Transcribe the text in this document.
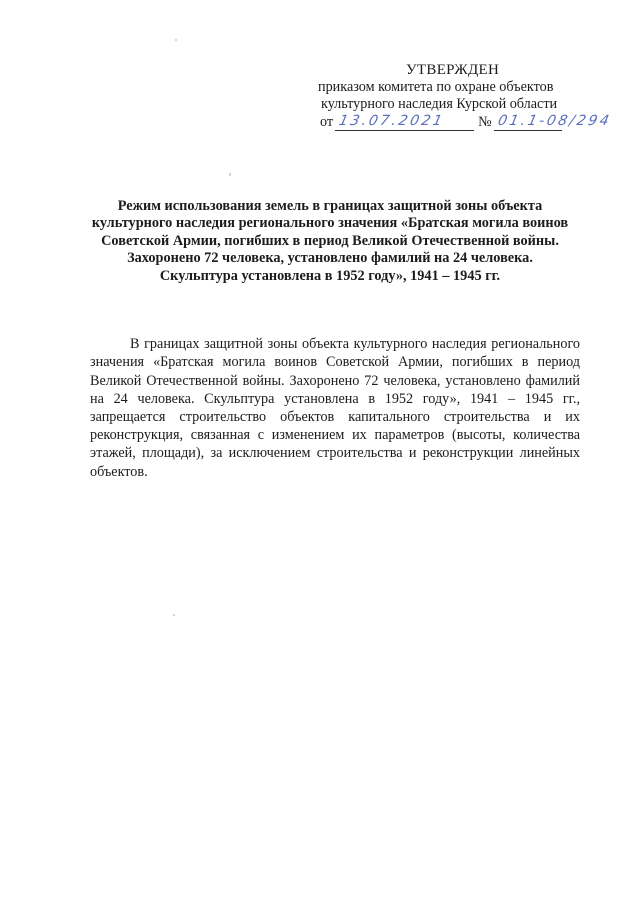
УТВЕРЖДЕН
приказом комитета по охране объектов
культурного наследия Курской области
от 13.07.2021 № 01.1-08/294
Режим использования земель в границах защитной зоны объекта
культурного наследия регионального значения «Братская могила воинов
Советской Армии, погибших в период Великой Отечественной войны.
Захоронено 72 человека, установлено фамилий на 24 человека.
Скульптура установлена в 1952 году», 1941 – 1945 гг.

В границах защитной зоны объекта культурного наследия регионального значения «Братская могила воинов Советской Армии, погибших в период Великой Отечественной войны. Захоронено 72 человека, установлено фамилий на 24 человека. Скульптура установлена в 1952 году», 1941 – 1945 гг., запрещается строительство объектов капитального строительства и их реконструкция, связанная с изменением их параметров (высоты, количества этажей, площади), за исключением строительства и реконструкции линейных объектов.
